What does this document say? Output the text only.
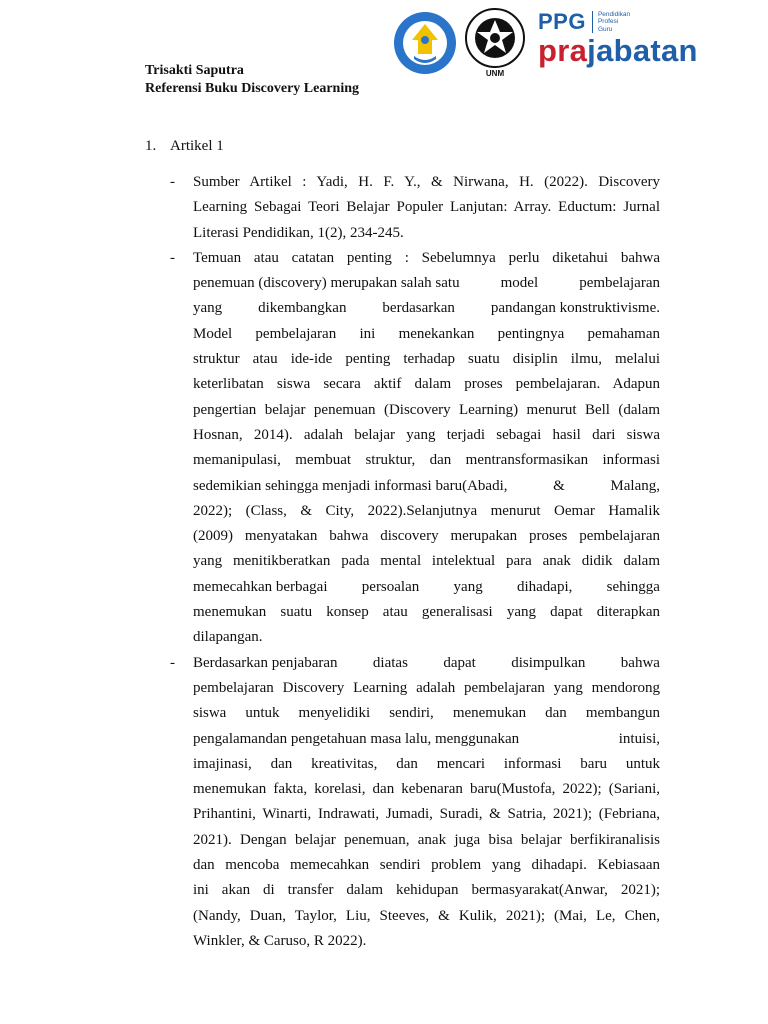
UNM
PPG Pendidikan
Profesi
Guru
prajabatan
Trisakti Saputra
Referensi Buku Discovery Learning
1. Artikel 1
- Sumber Artikel : Yadi, H. F. Y., & Nirwana, H. (2022). Discovery
Learning Sebagai Teori Belajar Populer Lanjutan: Array. Eductum: Jurnal
Literasi Pendidikan, 1(2), 234-245.
- Temuan atau catatan penting : Sebelumnya perlu diketahui bahwa
penemuan (discovery) merupakan salah satu	model	pembelajaran
yang dikembangkan berdasarkan pandangan konstruktivisme.
Model pembelajaran ini menekankan pentingnya pemahaman
struktur atau ide-ide penting terhadap suatu disiplin ilmu, melalui
keterlibatan siswa secara aktif dalam proses pembelajaran. Adapun
pengertian belajar penemuan (Discovery Learning) menurut Bell (dalam
Hosnan, 2014). adalah belajar yang terjadi sebagai hasil dari siswa
memanipulasi, membuat struktur, dan mentransformasikan informasi
sedemikian sehingga menjadi informasi baru(Abadi,	&	Malang,
2022); (Class, & City, 2022).Selanjutnya menurut Oemar Hamalik
(2009) menyatakan bahwa discovery merupakan proses pembelajaran
yang menitikberatkan pada mental intelektual para anak didik dalam
memecahkan berbagai persoalan yang dihadapi, sehingga
menemukan suatu konsep atau generalisasi yang dapat diterapkan
dilapangan.
- Berdasarkan penjabaran diatas dapat disimpulkan bahwa
pembelajaran Discovery Learning adalah pembelajaran yang mendorong
siswa untuk menyelidiki sendiri, menemukan dan membangun
pengalamandan pengetahuan masa lalu, menggunakan	intuisi,
imajinasi, dan kreativitas, dan mencari informasi baru untuk
menemukan fakta, korelasi, dan kebenaran baru(Mustofa, 2022); (Sariani,
Prihantini, Winarti, Indrawati, Jumadi, Suradi, & Satria, 2021); (Febriana,
2021). Dengan belajar penemuan, anak juga bisa belajar berfikiranalisis
dan mencoba memecahkan sendiri problem yang dihadapi. Kebiasaan
ini akan di transfer dalam kehidupan bermasyarakat(Anwar, 2021);
(Nandy, Duan, Taylor, Liu, Steeves, & Kulik, 2021); (Mai, Le, Chen,
Winkler, & Caruso, R 2022).
